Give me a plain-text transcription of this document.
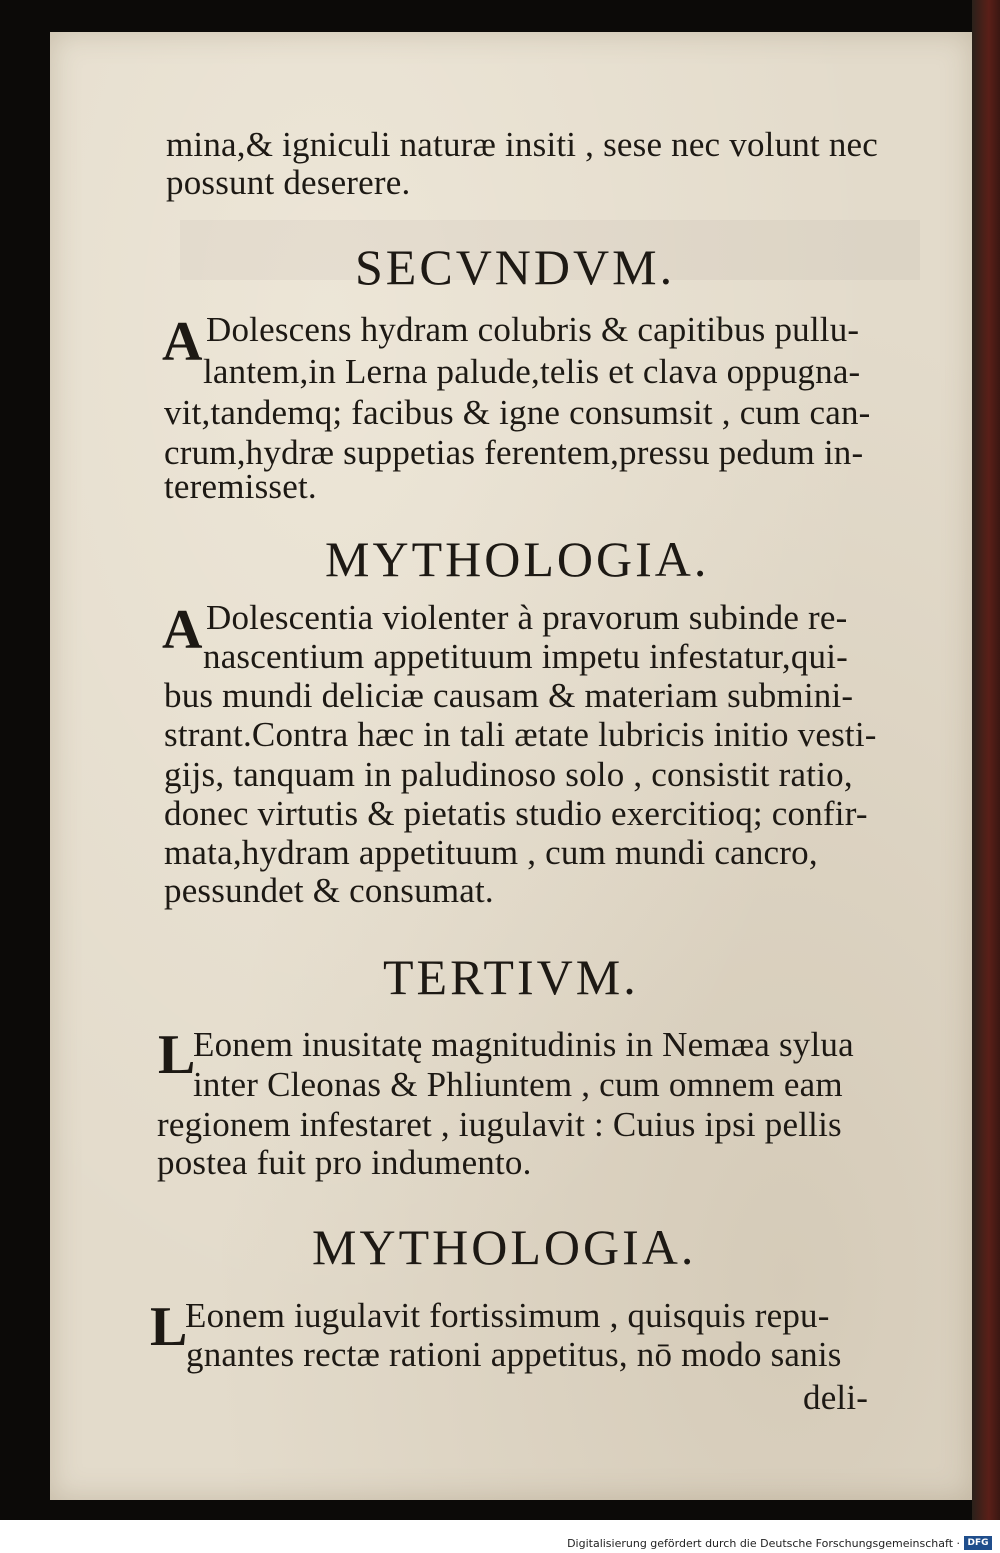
mina,& igniculi naturæ insiti , sese nec volunt nec
possunt deserere.
SECVNDVM.
A Dolescens hydram colubris & capitibus pullu-
lantem,in Lerna palude,telis et clava oppugna-
vit,tandemq; facibus & igne consumsit , cum can-
crum,hydræ suppetias ferentem,pressu pedum in-
teremisset.
MYTHOLOGIA.
A Dolescentia violenter à pravorum subinde re-
nascentium appetituum impetu infestatur,qui-
bus mundi deliciæ causam & materiam submini-
strant.Contra hæc in tali ætate lubricis initio vesti-
gijs, tanquam in paludinoso solo , consistit ratio,
donec virtutis & pietatis studio exercitioq; confir-
mata,hydram appetituum , cum mundi cancro,
pessundet & consumat.
TERTIVM.
L
Eonem inusitatę magnitudinis in Nemæa sylua
inter Cleonas & Phliuntem , cum omnem eam
regionem infestaret , iugulavit : Cuius ipsi pellis
postea fuit pro indumento.
MYTHOLOGIA.
L
Eonem iugulavit fortissimum , quisquis repu-
gnantes rectæ rationi appetitus, nō modo sanis
deli-
Digitalisierung gefördert durch die Deutsche Forschungsgemeinschaft · DFG
